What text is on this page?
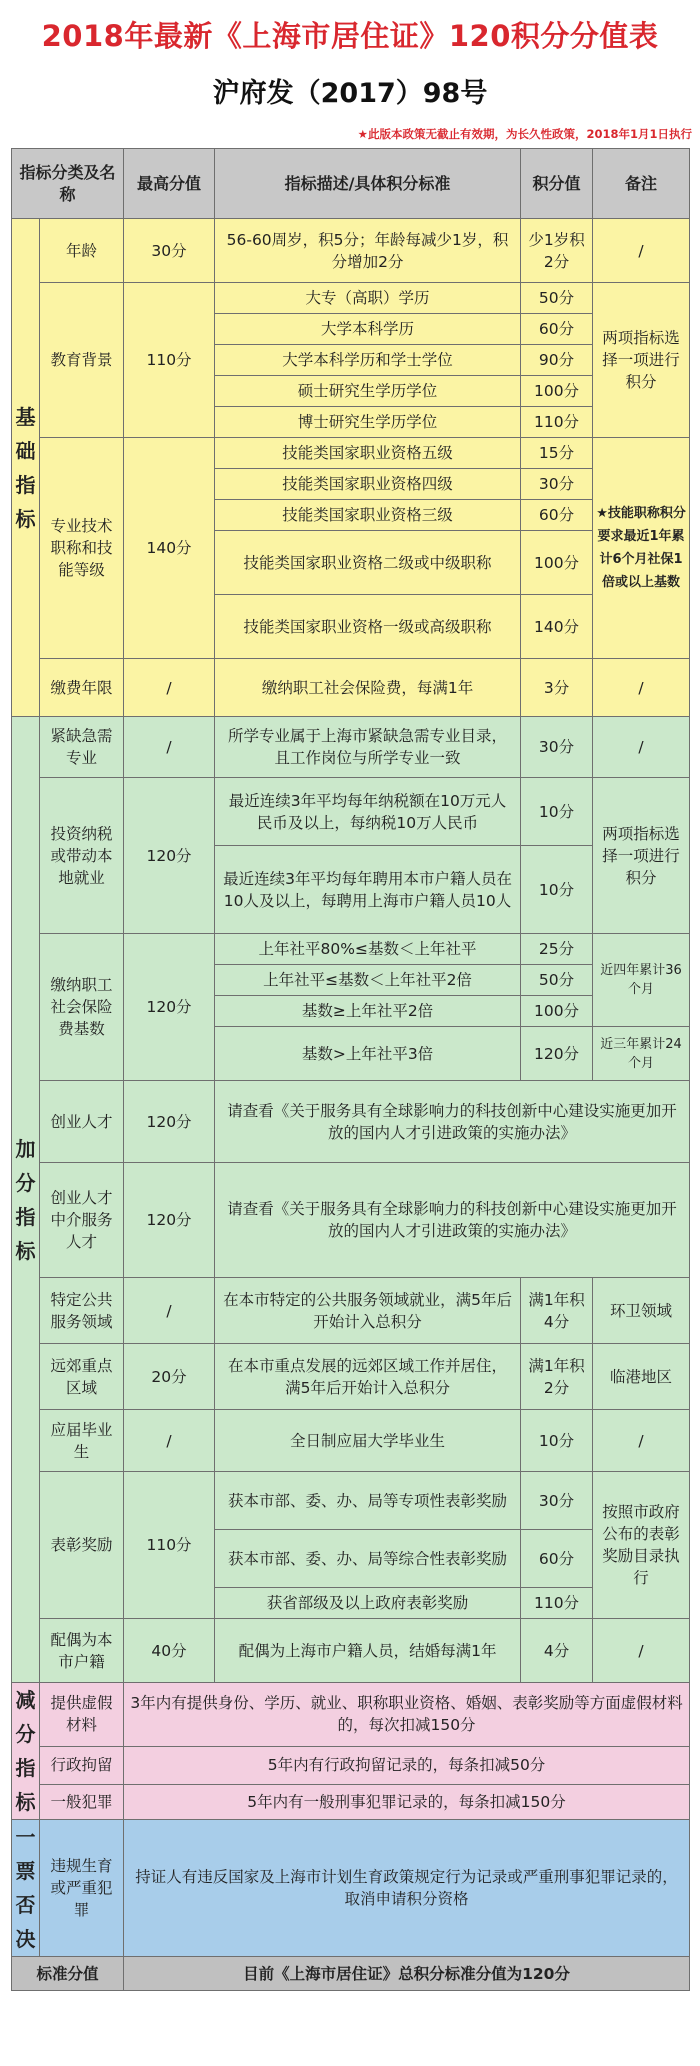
2018年最新《上海市居住证》120积分分值表
沪府发（2017）98号
★此版本政策无截止有效期，为长久性政策，2018年1月1日执行
指标分类及名称		最高分值	指标描述/具体积分标准	积分值	备注
基础指标	年龄	30分	56-60周岁，积5分；年龄每减少1岁，积分增加2分	少1岁积2分	/
	教育背景	110分	大专（高职）学历	50分	两项指标选择一项进行积分
			大学本科学历	60分	
			大学本科学历和学士学位	90分	
			硕士研究生学历学位	100分	
			博士研究生学历学位	110分	
	专业技术职称和技能等级	140分	技能类国家职业资格五级	15分	★技能职称积分要求最近1年累计6个月社保1倍或以上基数
			技能类国家职业资格四级	30分	
			技能类国家职业资格三级	60分	
			技能类国家职业资格二级或中级职称	100分	
			技能类国家职业资格一级或高级职称	140分	
	缴费年限	/	缴纳职工社会保险费，每满1年	3分	/

加分指标	紧缺急需专业	/	所学专业属于上海市紧缺急需专业目录，且工作岗位与所学专业一致	30分	/
	投资纳税或带动本地就业	120分	最近连续3年平均每年纳税额在10万元人民币及以上，每纳税10万人民币	10分	两项指标选择一项进行积分
			最近连续3年平均每年聘用本市户籍人员在10人及以上，每聘用上海市户籍人员10人	10分	
	缴纳职工社会保险费基数	120分	上年社平80%≤基数＜上年社平	25分	近四年累计36个月
			上年社平≤基数＜上年社平2倍	50分	
			基数≥上年社平2倍	100分	
			基数>上年社平3倍	120分	近三年累计24个月
	创业人才	120分	请查看《关于服务具有全球影响力的科技创新中心建设实施更加开放的国内人才引进政策的实施办法》		
	创业人才中介服务人才	120分	请查看《关于服务具有全球影响力的科技创新中心建设实施更加开放的国内人才引进政策的实施办法》		
	特定公共服务领域	/	在本市特定的公共服务领域就业，满5年后开始计入总积分	满1年积4分	环卫领域
	远郊重点区域	20分	在本市重点发展的远郊区域工作并居住，满5年后开始计入总积分	满1年积2分	临港地区
	应届毕业生	/	全日制应届大学毕业生	10分	/
	表彰奖励	110分	获本市部、委、办、局等专项性表彰奖励	30分	按照市政府公布的表彰奖励目录执行
			获本市部、委、办、局等综合性表彰奖励	60分	
			获省部级及以上政府表彰奖励	110分	
	配偶为本市户籍	40分	配偶为上海市户籍人员，结婚每满1年	4分	/
减分指标	提供虚假材料	3年内有提供身份、学历、就业、职称职业资格、婚姻、表彰奖励等方面虚假材料的，每次扣减150分			
	行政拘留	5年内有行政拘留记录的，每条扣减50分			
	一般犯罪	5年内有一般刑事犯罪记录的，每条扣减150分			
一票否决	违规生育或严重犯罪	持证人有违反国家及上海市计划生育政策规定行为记录或严重刑事犯罪记录的，取消申请积分资格			
标准分值		目前《上海市居住证》总积分标准分值为120分			
